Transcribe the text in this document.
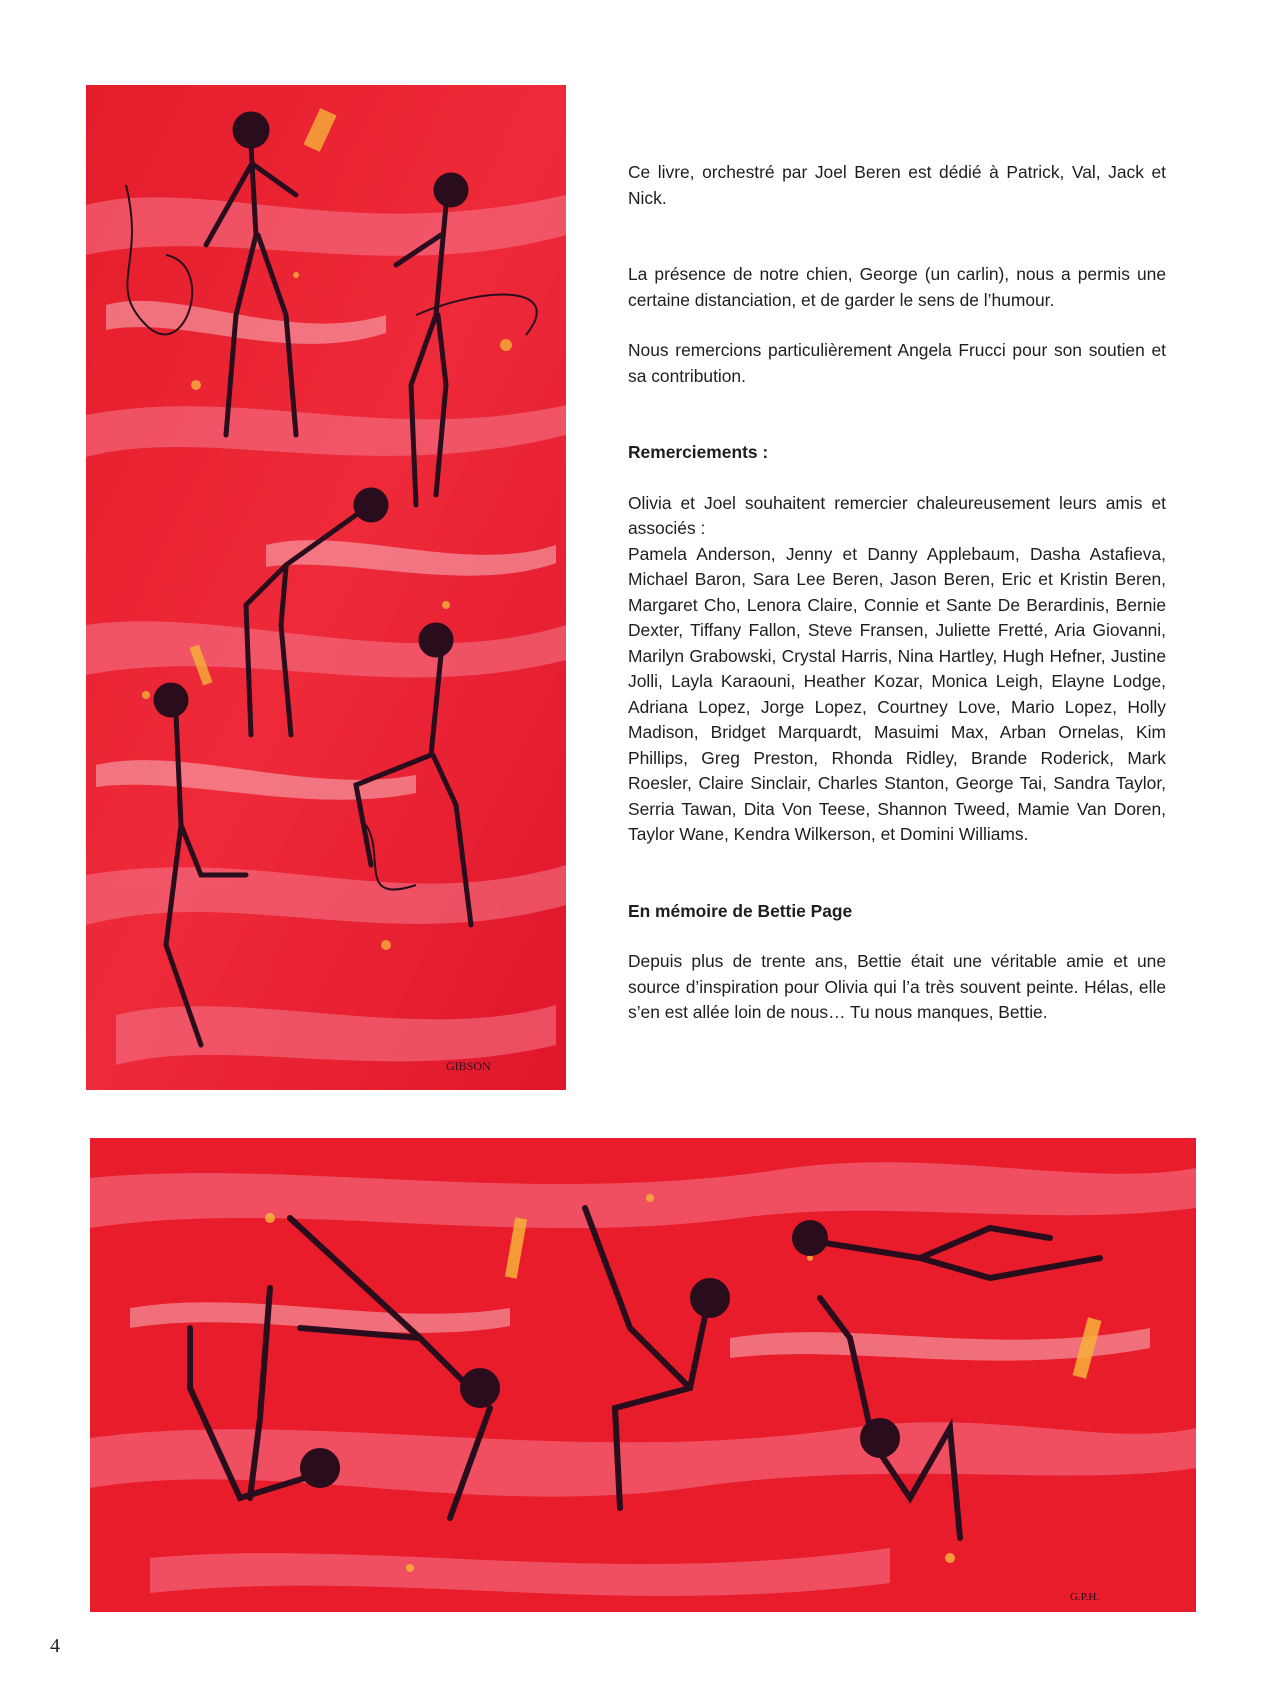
GIBSON

Ce livre, orchestré par Joel Beren est dédié à Patrick, Val, Jack et Nick.

La présence de notre chien, George (un carlin), nous a permis une certaine distanciation, et de garder le sens de l’humour.

Nous remercions particulièrement Angela Frucci pour son soutien et sa contribution.

Remerciements :

Olivia et Joel souhaitent remercier chaleureusement leurs amis et associés :

Pamela Anderson, Jenny et Danny Applebaum, Dasha Astafieva, Michael Baron, Sara Lee Beren, Jason Beren, Eric et Kristin Beren, Margaret Cho, Lenora Claire, Connie et Sante De Berardinis, Bernie Dexter, Tiffany Fallon, Steve Fransen, Juliette Fretté, Aria Giovanni, Marilyn Grabowski, Crystal Harris, Nina Hartley, Hugh Hefner, Justine Jolli, Layla Karaouni, Heather Kozar, Monica Leigh, Elayne Lodge, Adriana Lopez, Jorge Lopez, Courtney Love, Mario Lopez, Holly Madison, Bridget Marquardt, Masuimi Max, Arban Ornelas, Kim Phillips, Greg Preston, Rhonda Ridley, Brande Roderick, Mark Roesler, Claire Sinclair, Charles Stanton, George Tai, Sandra Taylor, Serria Tawan, Dita Von Teese, Shannon Tweed, Mamie Van Doren, Taylor Wane, Kendra Wilkerson, et Domini Williams.

En mémoire de Bettie Page

Depuis plus de trente ans, Bettie était une véritable amie et une source d’inspiration pour Olivia qui l’a très souvent peinte. Hélas, elle s’en est allée loin de nous… Tu nous manques, Bettie.

G.P.H.
4
